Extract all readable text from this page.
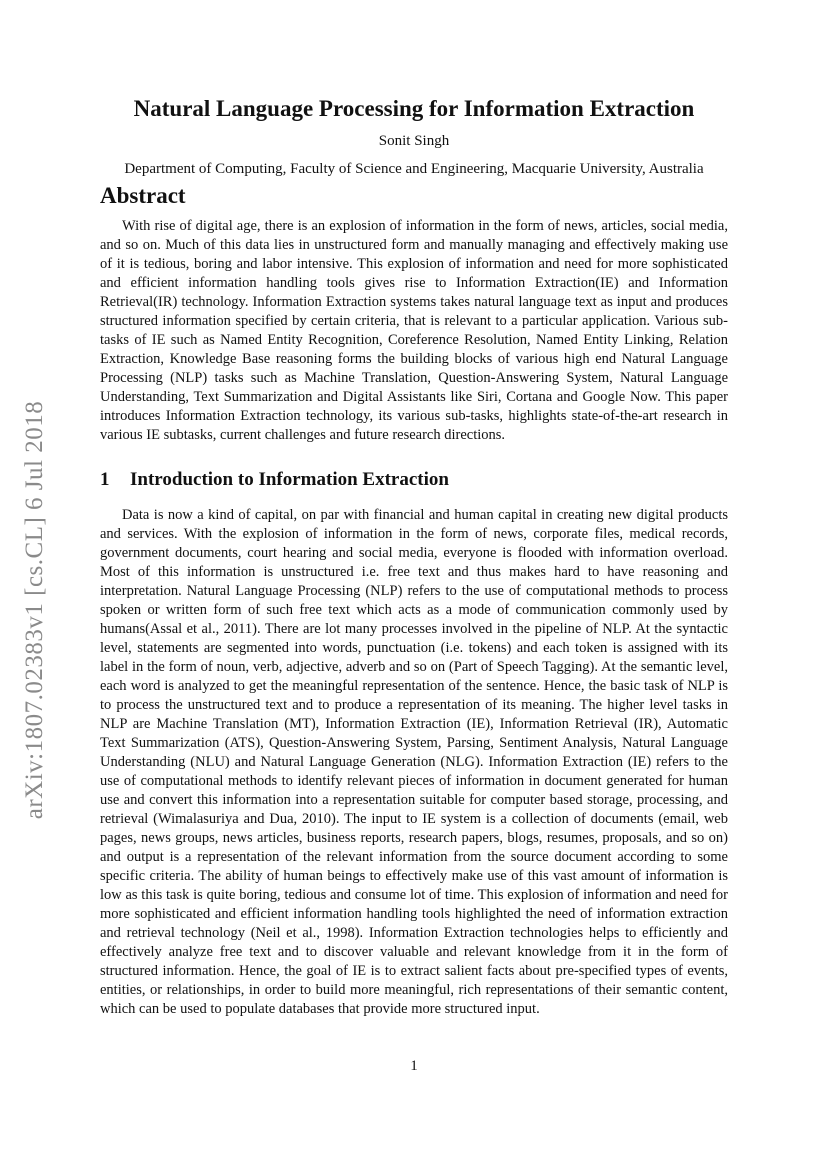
arXiv:1807.02383v1 [cs.CL] 6 Jul 2018
Natural Language Processing for Information Extraction
Sonit Singh
Department of Computing, Faculty of Science and Engineering, Macquarie University, Australia
Abstract

With rise of digital age, there is an explosion of information in the form of news, articles, social media, and so on. Much of this data lies in unstructured form and manually managing and effectively making use of it is tedious, boring and labor intensive. This explosion of information and need for more sophisticated and efficient information handling tools gives rise to Information Extraction(IE) and Information Retrieval(IR) technology. Information Extraction systems takes natural language text as input and produces structured information specified by certain criteria, that is relevant to a particular application. Various sub-tasks of IE such as Named Entity Recognition, Coreference Resolution, Named Entity Linking, Relation Extraction, Knowledge Base reasoning forms the building blocks of various high end Natural Language Processing (NLP) tasks such as Machine Translation, Question-Answering System, Natural Language Understanding, Text Summarization and Digital Assistants like Siri, Cortana and Google Now. This paper introduces Information Extraction technology, its various sub-tasks, highlights state-of-the-art research in various IE subtasks, current challenges and future research directions.

1 Introduction to Information Extraction

Data is now a kind of capital, on par with financial and human capital in creating new digital products and services. With the explosion of information in the form of news, corporate files, medical records, government documents, court hearing and social media, everyone is flooded with information overload. Most of this information is unstructured i.e. free text and thus makes hard to have reasoning and interpretation. Natural Language Processing (NLP) refers to the use of computational methods to process spoken or written form of such free text which acts as a mode of communication commonly used by humans(Assal et al., 2011). There are lot many processes involved in the pipeline of NLP. At the syntactic level, statements are segmented into words, punctuation (i.e. tokens) and each token is assigned with its label in the form of noun, verb, adjective, adverb and so on (Part of Speech Tagging). At the semantic level, each word is analyzed to get the meaningful representation of the sentence. Hence, the basic task of NLP is to process the unstructured text and to produce a representation of its meaning. The higher level tasks in NLP are Machine Translation (MT), Information Extraction (IE), Information Retrieval (IR), Automatic Text Summarization (ATS), Question-Answering System, Parsing, Sentiment Analysis, Natural Language Understanding (NLU) and Natural Language Generation (NLG). Information Extraction (IE) refers to the use of computational methods to identify relevant pieces of information in document generated for human use and convert this information into a representation suitable for computer based storage, processing, and retrieval (Wimalasuriya and Dua, 2010). The input to IE system is a collection of documents (email, web pages, news groups, news articles, business reports, research papers, blogs, resumes, proposals, and so on) and output is a representation of the relevant information from the source document according to some specific criteria. The ability of human beings to effectively make use of this vast amount of information is low as this task is quite boring, tedious and consume lot of time. This explosion of information and need for more sophisticated and efficient information handling tools highlighted the need of information extraction and retrieval technology (Neil et al., 1998). Information Extraction technologies helps to efficiently and effectively analyze free text and to discover valuable and relevant knowledge from it in the form of structured information. Hence, the goal of IE is to extract salient facts about pre-specified types of events, entities, or relationships, in order to build more meaningful, rich representations of their semantic content, which can be used to populate databases that provide more structured input.

1
